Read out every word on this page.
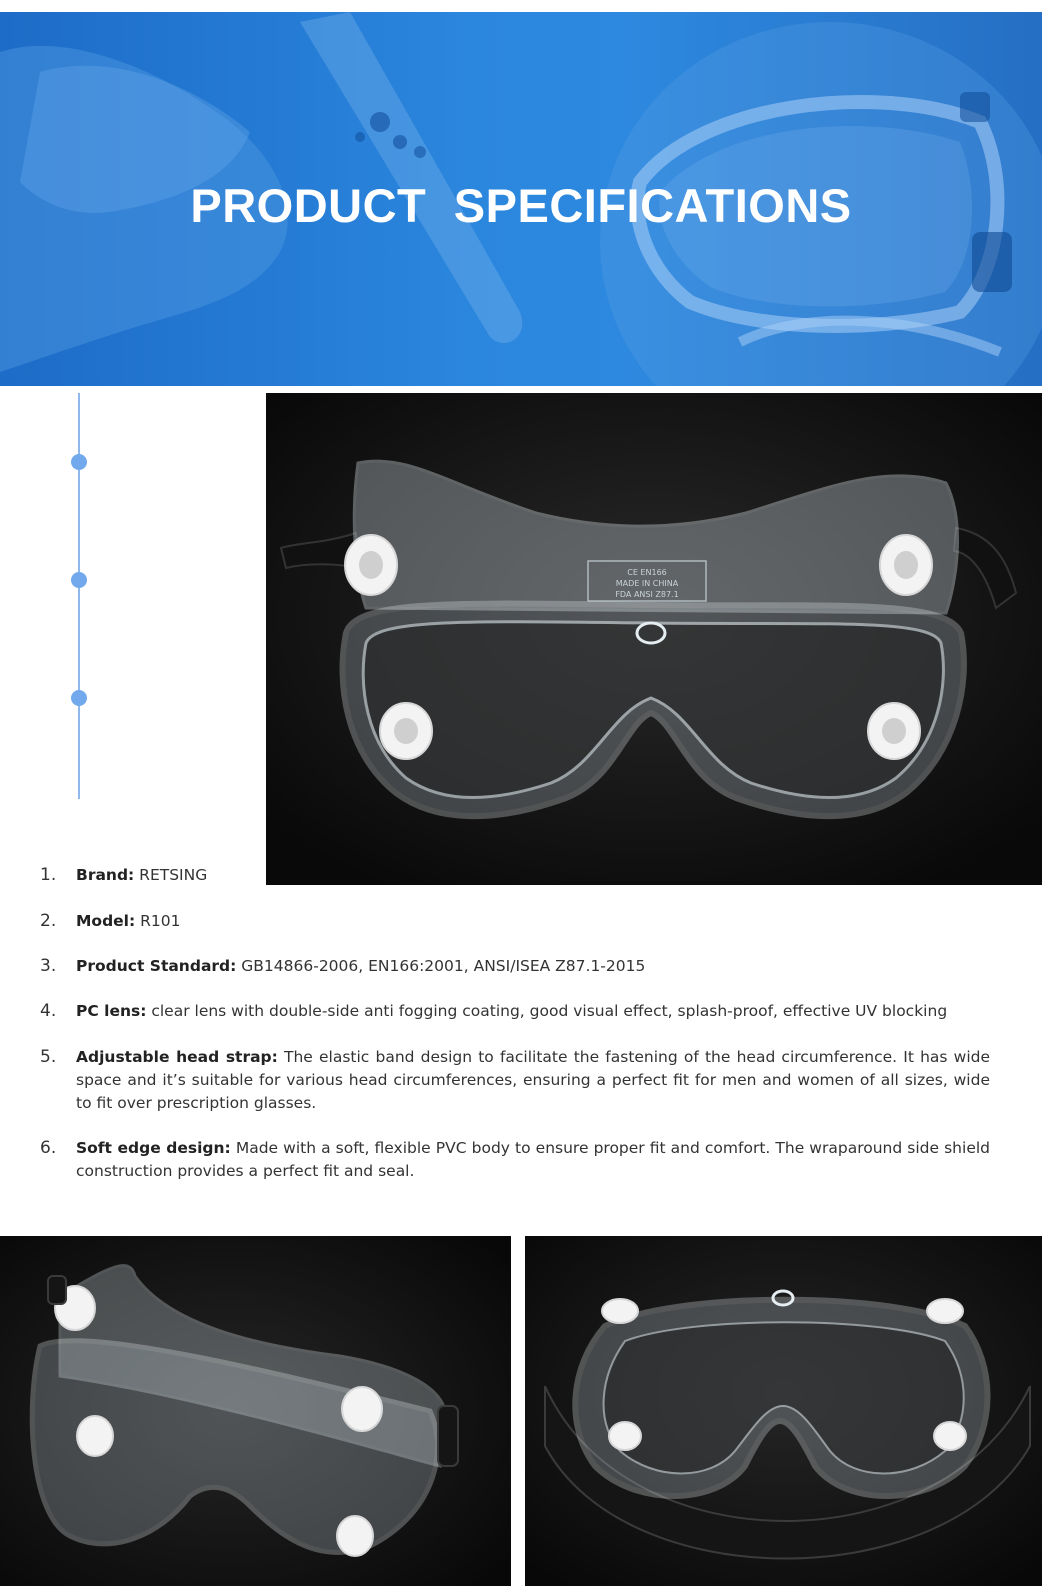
PRODUCT SPECIFICATIONS
CE EN166
MADE IN CHINA
FDA ANSI Z87.1
1.	Brand: RETSING
2.	Model: R101
3.	Product Standard: GB14866-2006, EN166:2001, ANSI/ISEA Z87.1-2015
4.	PC lens: clear lens with double-side anti fogging coating, good visual effect, splash-proof, effective UV blocking
5.	Adjustable head strap: The elastic band design to facilitate the fastening of the head circumference. It has wide space and it’s suitable for various head circumferences, ensuring a perfect fit for men and women of all sizes, wide to fit over prescription glasses.
6.	Soft edge design: Made with a soft, flexible PVC body to ensure proper fit and comfort. The wraparound side shield construction provides a perfect fit and seal.
